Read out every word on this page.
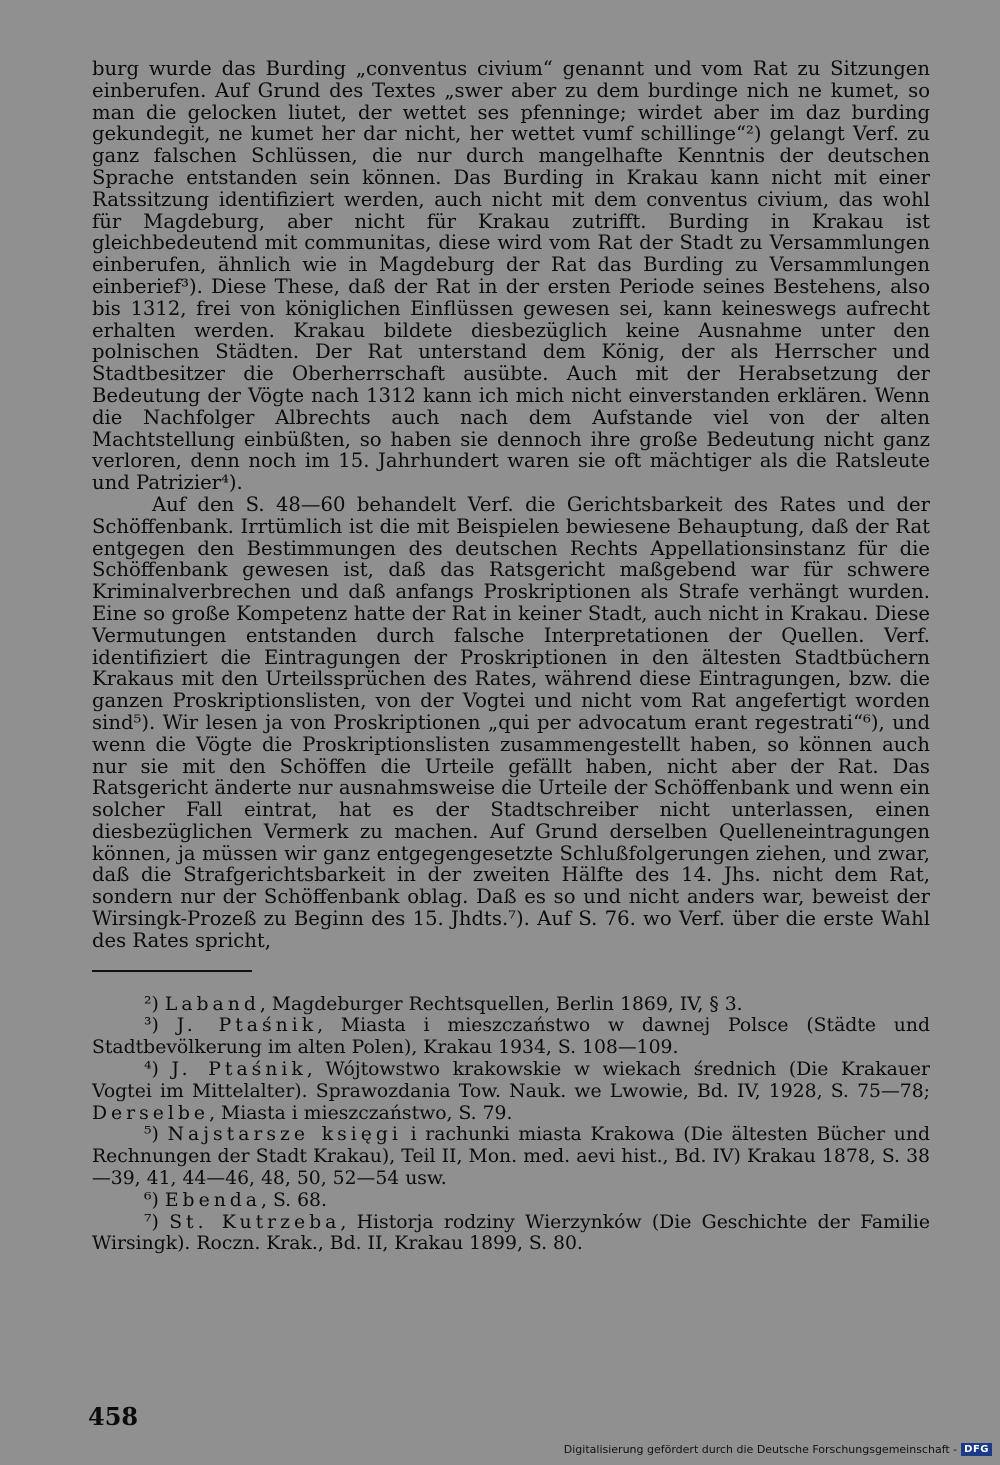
burg wurde das Burding „conventus civium“ genannt und vom Rat zu Sitzungen einberufen. Auf Grund des Textes „swer aber zu dem burdinge nich ne kumet, so man die gelocken liutet, der wettet ses pfenninge; wirdet aber im daz burding gekundegit, ne kumet her dar nicht, her wettet vumf schillinge“²) gelangt Verf. zu ganz falschen Schlüssen, die nur durch mangelhafte Kenntnis der deutschen Sprache entstanden sein können. Das Burding in Krakau kann nicht mit einer Ratssitzung identifiziert werden, auch nicht mit dem conventus civium, das wohl für Magdeburg, aber nicht für Krakau zutrifft. Burding in Krakau ist gleichbedeutend mit communitas, diese wird vom Rat der Stadt zu Versammlungen einberufen, ähnlich wie in Magdeburg der Rat das Burding zu Versammlungen einberief³). Diese These, daß der Rat in der ersten Periode seines Bestehens, also bis 1312, frei von königlichen Einflüssen gewesen sei, kann keineswegs aufrecht erhalten werden. Krakau bildete diesbezüglich keine Ausnahme unter den polnischen Städten. Der Rat unterstand dem König, der als Herrscher und Stadtbesitzer die Oberherrschaft ausübte. Auch mit der Herabsetzung der Bedeutung der Vögte nach 1312 kann ich mich nicht einverstanden erklären. Wenn die Nachfolger Albrechts auch nach dem Aufstande viel von der alten Machtstellung einbüßten, so haben sie dennoch ihre große Bedeutung nicht ganz verloren, denn noch im 15. Jahrhundert waren sie oft mächtiger als die Ratsleute und Patrizier⁴).

Auf den S. 48—60 behandelt Verf. die Gerichtsbarkeit des Rates und der Schöffenbank. Irrtümlich ist die mit Beispielen bewiesene Behauptung, daß der Rat entgegen den Bestimmungen des deutschen Rechts Appellationsinstanz für die Schöffenbank gewesen ist, daß das Ratsgericht maßgebend war für schwere Kriminalverbrechen und daß anfangs Proskriptionen als Strafe verhängt wurden. Eine so große Kompetenz hatte der Rat in keiner Stadt, auch nicht in Krakau. Diese Vermutungen entstanden durch falsche Interpretationen der Quellen. Verf. identifiziert die Eintragungen der Proskriptionen in den ältesten Stadtbüchern Krakaus mit den Urteilssprüchen des Rates, während diese Eintragungen, bzw. die ganzen Proskriptionslisten, von der Vogtei und nicht vom Rat angefertigt worden sind⁵). Wir lesen ja von Proskriptionen „qui per advocatum erant regestrati“⁶), und wenn die Vögte die Proskriptionslisten zusammengestellt haben, so können auch nur sie mit den Schöffen die Urteile gefällt haben, nicht aber der Rat. Das Ratsgericht änderte nur ausnahmsweise die Urteile der Schöffenbank und wenn ein solcher Fall eintrat, hat es der Stadtschreiber nicht unterlassen, einen diesbezüglichen Vermerk zu machen. Auf Grund derselben Quelleneintragungen können, ja müssen wir ganz entgegengesetzte Schlußfolgerungen ziehen, und zwar, daß die Strafgerichtsbarkeit in der zweiten Hälfte des 14. Jhs. nicht dem Rat, sondern nur der Schöffenbank oblag. Daß es so und nicht anders war, beweist der Wirsingk-Prozeß zu Beginn des 15. Jhdts.⁷). Auf S. 76. wo Verf. über die erste Wahl des Rates spricht,

²) Laband, Magdeburger Rechtsquellen, Berlin 1869, IV, § 3.

³) J. Ptaśnik, Miasta i mieszczaństwo w dawnej Polsce (Städte und Stadtbevölkerung im alten Polen), Krakau 1934, S. 108—109.

⁴) J. Ptaśnik, Wójtowstwo krakowskie w wiekach średnich (Die Krakauer Vogtei im Mittelalter). Sprawozdania Tow. Nauk. we Lwowie, Bd. IV, 1928, S. 75—78; Derselbe, Miasta i mieszczaństwo, S. 79.

⁵) Najstarsze księgi i rachunki miasta Krakowa (Die ältesten Bücher und Rechnungen der Stadt Krakau), Teil II, Mon. med. aevi hist., Bd. IV) Krakau 1878, S. 38—39, 41, 44—46, 48, 50, 52—54 usw.

⁶) Ebenda, S. 68.

⁷) St. Kutrzeba, Historja rodziny Wierzynków (Die Geschichte der Familie Wirsingk). Roczn. Krak., Bd. II, Krakau 1899, S. 80.

458
Digitalisierung gefördert durch die Deutsche Forschungsgemeinschaft - DFG
